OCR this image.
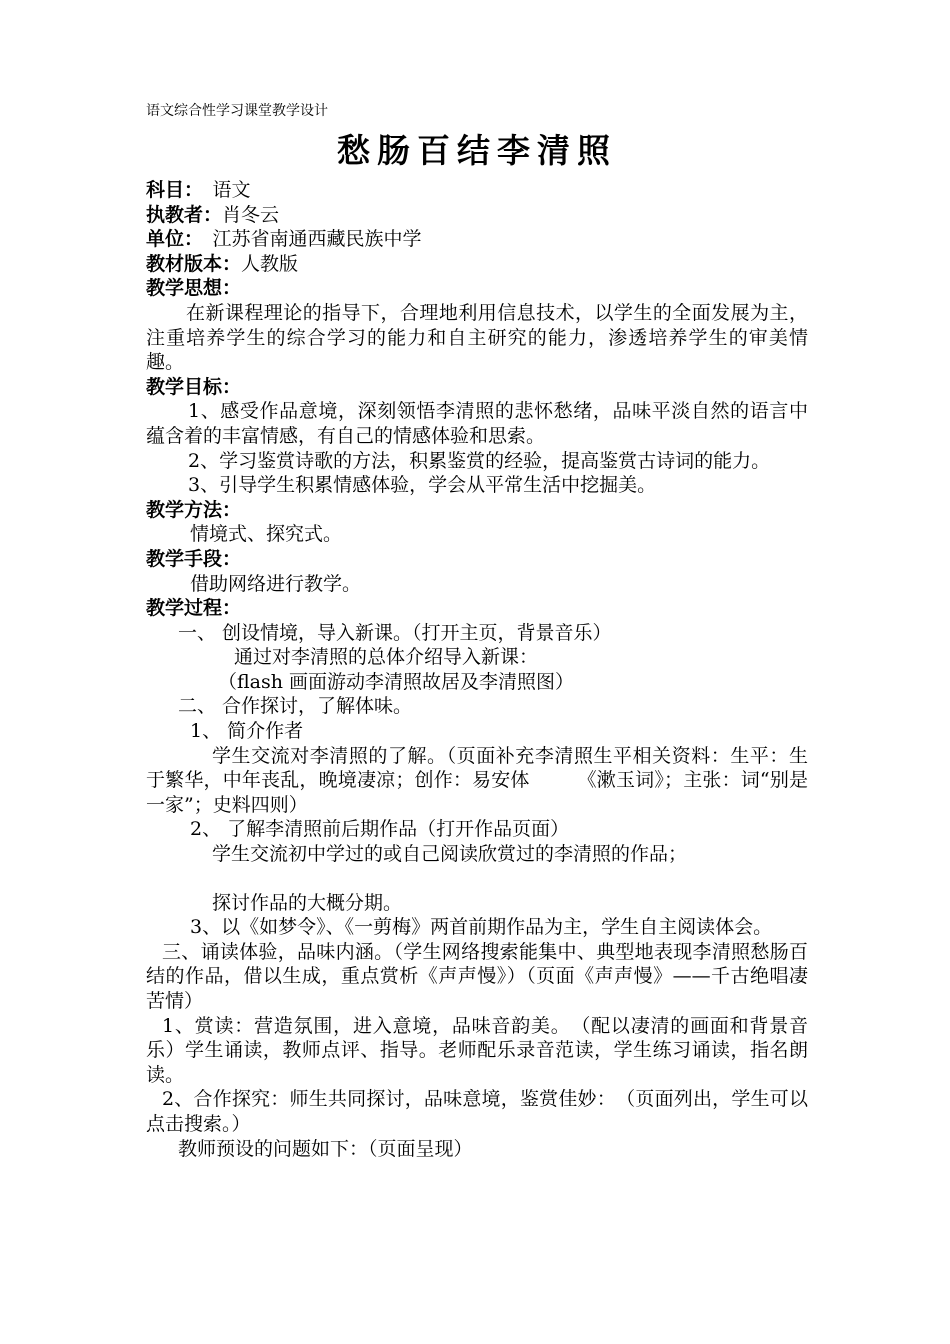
语文综合性学习课堂教学设计

愁肠百结李清照

科目：　语文

执教者：肖冬云

单位：　江苏省南通西藏民族中学

教材版本：人教版

教学思想：

在新课程理论的指导下，合理地利用信息技术，以学生的全面发展为主，注重培养学生的综合学习的能力和自主研究的能力，渗透培养学生的审美情趣。

教学目标：

1、感受作品意境，深刻领悟李清照的悲怀愁绪，品味平淡自然的语言中蕴含着的丰富情感，有自己的情感体验和思索。

2、学习鉴赏诗歌的方法，积累鉴赏的经验，提高鉴赏古诗词的能力。

3、引导学生积累情感体验，学会从平常生活中挖掘美。

教学方法：

情境式、探究式。

教学手段：

借助网络进行教学。

教学过程：

一、 创设情境，导入新课。（打开主页，背景音乐）

通过对李清照的总体介绍导入新课：

（flash 画面游动李清照故居及李清照图）

二、 合作探讨，了解体味。

1、 简介作者

学生交流对李清照的了解。（页面补充李清照生平相关资料：生平：生于繁华，中年丧乱，晚境凄凉；创作：易安体　　　《漱玉词》；主张：词“别是一家”；史料四则）

2、 了解李清照前后期作品（打开作品页面）

学生交流初中学过的或自己阅读欣赏过的李清照的作品；

探讨作品的大概分期。

3、以《如梦令》、《一剪梅》两首前期作品为主，学生自主阅读体会。

三、诵读体验，品味内涵。（学生网络搜索能集中、典型地表现李清照愁肠百结的作品，借以生成，重点赏析《声声慢》）（页面《声声慢》——千古绝唱凄苦情）

1、赏读：营造氛围，进入意境，品味音韵美。　（配以凄清的画面和背景音乐）学生诵读，教师点评、指导。老师配乐录音范读，学生练习诵读，指名朗读。

2、合作探究：师生共同探讨，品味意境，鉴赏佳妙：　（页面列出，学生可以点击搜索。）

教师预设的问题如下：（页面呈现）
